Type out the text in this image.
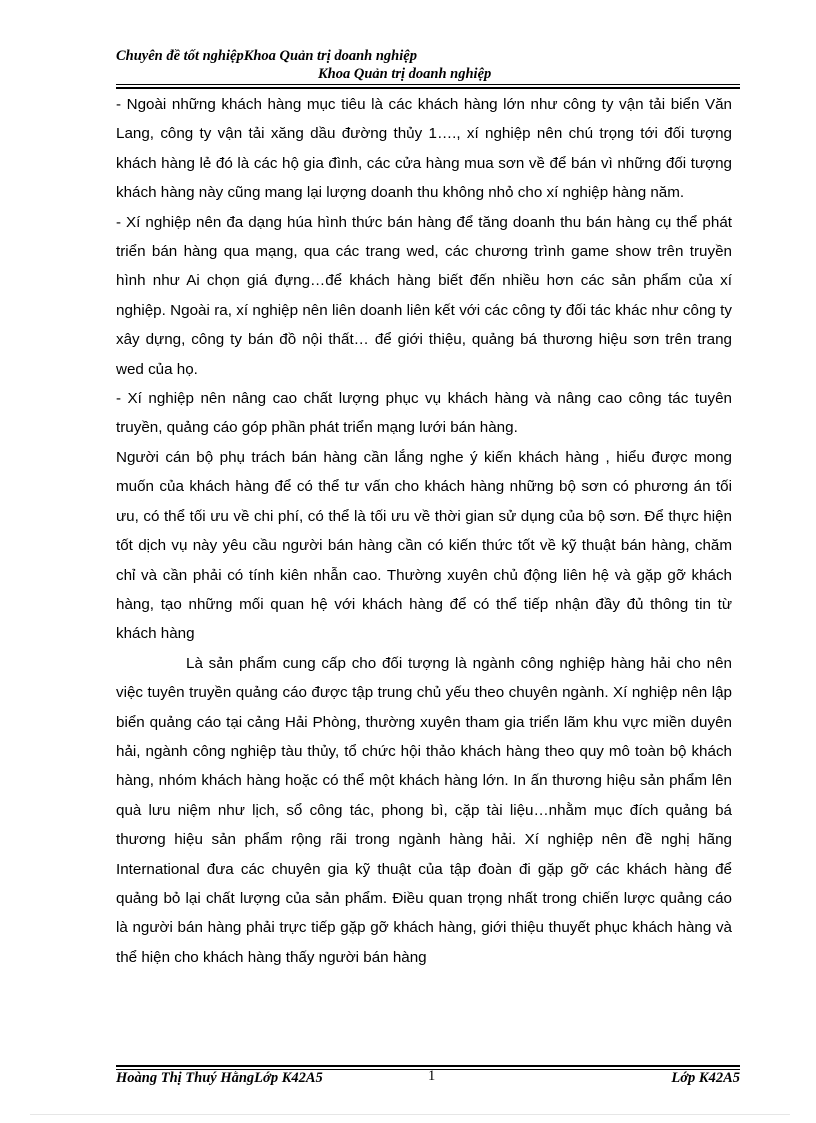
Chuyên đề tốt nghiệpKhoa Quản trị doanh nghiệp
Khoa Quản trị doanh nghiệp

- Ngoài những khách hàng mục tiêu là các khách hàng lớn như công ty vận tải biển Văn Lang, công ty vận tải xăng dầu đường thủy 1…., xí nghiệp nên chú trọng tới đối tượng khách hàng lẻ đó là các hộ gia đình, các cửa hàng mua sơn về để bán vì những đối tượng khách hàng này cũng mang lại lượng doanh thu không nhỏ cho xí nghiệp hàng năm.

- Xí nghiệp nên đa dạng húa hình thức bán hàng để tăng doanh thu bán hàng cụ thể phát triển bán hàng qua mạng, qua các trang wed, các chương trình game show trên truyền hình như Ai chọn giá đựng…để khách hàng biết đến nhiều hơn các sản phẩm của xí nghiệp. Ngoài ra, xí nghiệp nên liên doanh liên kết với các công ty đối tác khác như công ty xây dựng, công ty bán đồ nội thất… để giới thiệu, quảng bá thương hiệu sơn trên trang wed của họ.

- Xí nghiệp nên nâng cao chất lượng phục vụ khách hàng và nâng cao công tác tuyên truyền, quảng cáo góp phần phát triển mạng lưới bán hàng.

Người cán bộ phụ trách bán hàng cần lắng nghe ý kiến khách hàng , hiểu được mong muốn của khách hàng để có thể tư vấn cho khách hàng những bộ sơn có phương án tối ưu, có thể tối ưu về chi phí, có thể là tối ưu về thời gian sử dụng của bộ sơn. Để thực hiện tốt dịch vụ này yêu cầu người bán hàng cần có kiến thức tốt về kỹ thuật bán hàng, chăm chỉ và cần phải có tính kiên nhẫn cao. Thường xuyên chủ động liên hệ và gặp gỡ khách hàng, tạo những mối quan hệ với khách hàng để có thể tiếp nhận đầy đủ thông tin từ khách hàng

Là sản phẩm cung cấp cho đối tượng là ngành công nghiệp hàng hải cho nên việc tuyên truyền quảng cáo được tập trung chủ yếu theo chuyên ngành. Xí nghiệp nên lập biển quảng cáo tại cảng Hải Phòng, thường xuyên tham gia triển lãm khu vực miền duyên hải, ngành công nghiệp tàu thủy, tổ chức hội thảo khách hàng theo quy mô toàn bộ khách hàng, nhóm khách hàng hoặc có thể một khách hàng lớn. In ấn thương hiệu sản phẩm lên quà lưu niệm như lịch, sổ công tác, phong bì, cặp tài liệu…nhằm mục đích quảng bá thương hiệu sản phẩm rộng rãi trong ngành hàng hải. Xí nghiệp nên đề nghị hãng International đưa các chuyên gia kỹ thuật của tập đoàn đi gặp gỡ các khách hàng để quảng bỏ lại chất lượng của sản phẩm. Điều quan trọng nhất trong chiến lược quảng cáo là người bán hàng phải trực tiếp gặp gỡ khách hàng, giới thiệu thuyết phục khách hàng và thể hiện cho khách hàng thấy người bán hàng

Hoàng Thị Thuý HằngLớp K42A5	1	Lớp K42A5
